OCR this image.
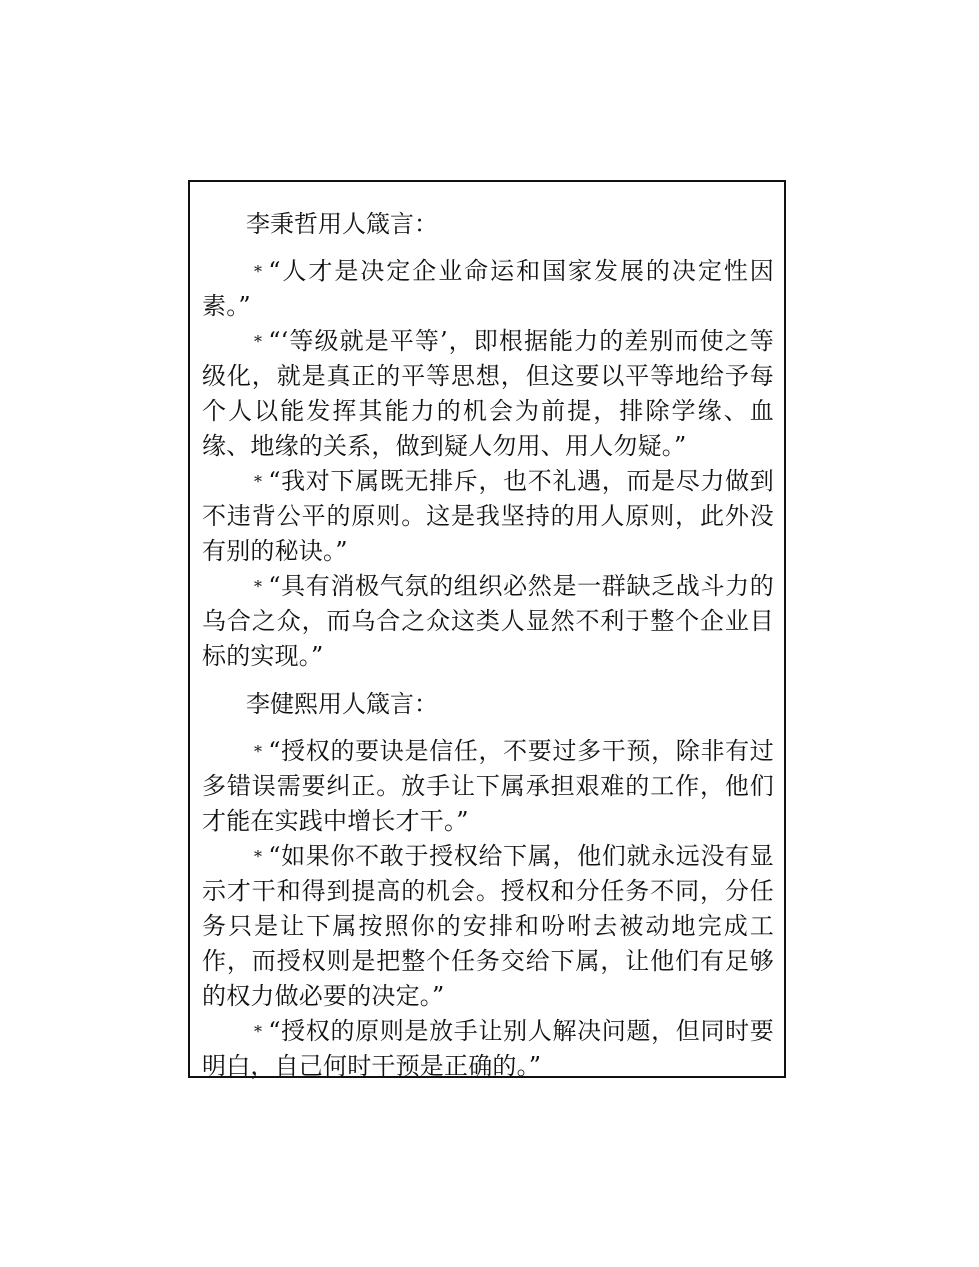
李秉哲用人箴言：

* “人才是决定企业命运和国家发展的决定性因素。”

* “‘等级就是平等’，即根据能力的差别而使之等级化，就是真正的平等思想，但这要以平等地给予每个人以能发挥其能力的机会为前提，排除学缘、血缘、地缘的关系，做到疑人勿用、用人勿疑。”

* “我对下属既无排斥，也不礼遇，而是尽力做到不违背公平的原则。这是我坚持的用人原则，此外没有别的秘诀。”

* “具有消极气氛的组织必然是一群缺乏战斗力的乌合之众，而乌合之众这类人显然不利于整个企业目标的实现。”

李健熙用人箴言：

* “授权的要诀是信任，不要过多干预，除非有过多错误需要纠正。放手让下属承担艰难的工作，他们才能在实践中增长才干。”

* “如果你不敢于授权给下属，他们就永远没有显示才干和得到提高的机会。授权和分任务不同，分任务只是让下属按照你的安排和吩咐去被动地完成工作，而授权则是把整个任务交给下属，让他们有足够的权力做必要的决定。”

* “授权的原则是放手让别人解决问题，但同时要明白，自己何时干预是正确的。”
